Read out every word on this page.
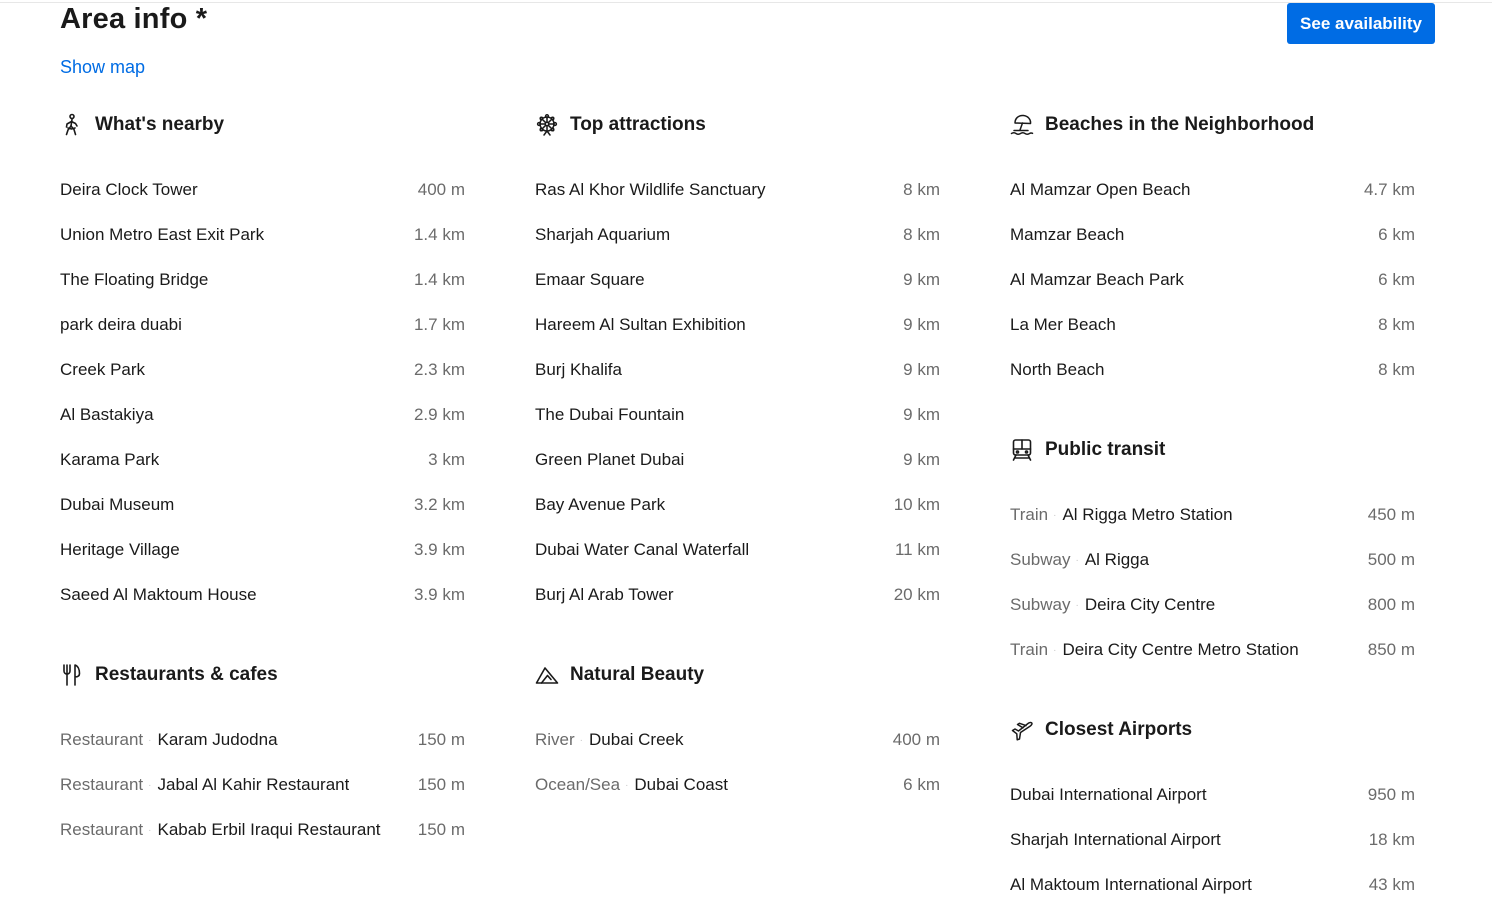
Area info *
Show map
See availability
What's nearby
Deira Clock Tower	400 m
Union Metro East Exit Park	1.4 km
The Floating Bridge	1.4 km
park deira duabi	1.7 km
Creek Park	2.3 km
Al Bastakiya	2.9 km
Karama Park	3 km
Dubai Museum	3.2 km
Heritage Village	3.9 km
Saeed Al Maktoum House	3.9 km
Restaurants & cafes
Restaurant · Karam Judodna	150 m
Restaurant · Jabal Al Kahir Restaurant	150 m
Restaurant · Kabab Erbil Iraqui Restaurant 150 m
Top attractions
Ras Al Khor Wildlife Sanctuary	8 km
Sharjah Aquarium	8 km
Emaar Square	9 km
Hareem Al Sultan Exhibition	9 km
Burj Khalifa	9 km
The Dubai Fountain	9 km
Green Planet Dubai	9 km
Bay Avenue Park	10 km
Dubai Water Canal Waterfall	11 km
Burj Al Arab Tower	20 km
Natural Beauty
River · Dubai Creek	400 m
Ocean/Sea · Dubai Coast	6 km
Beaches in the Neighborhood
Al Mamzar Open Beach	4.7 km
Mamzar Beach	6 km
Al Mamzar Beach Park	6 km
La Mer Beach	8 km
North Beach	8 km
Public transit
Train · Al Rigga Metro Station	450 m
Subway · Al Rigga	500 m
Subway · Deira City Centre	800 m
Train · Deira City Centre Metro Station	850 m
Closest Airports
Dubai International Airport	950 m
Sharjah International Airport	18 km
Al Maktoum International Airport	43 km
